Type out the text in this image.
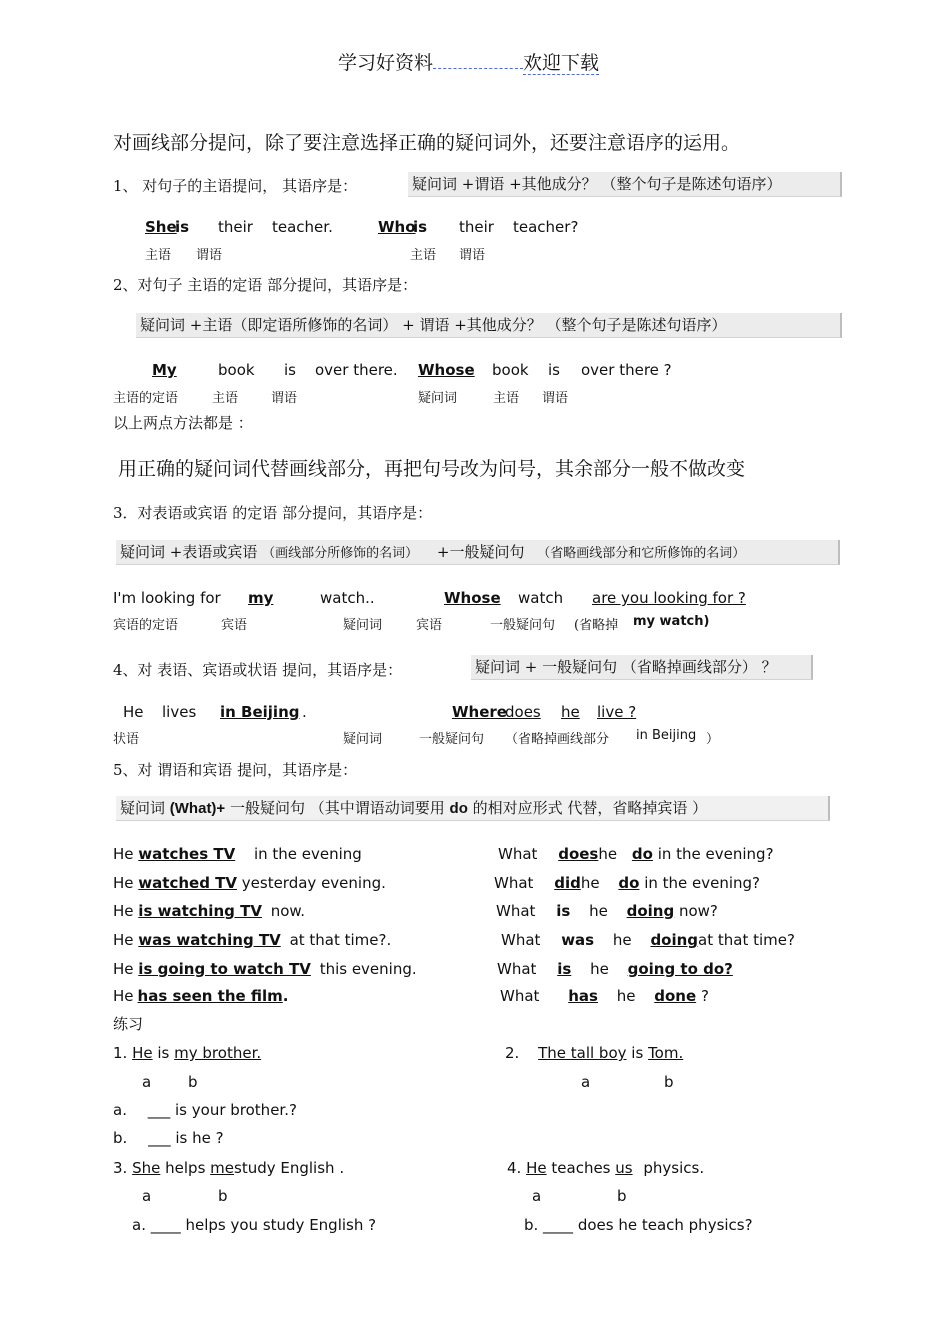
学习好资料	欢迎下载
对画线部分提问，除了要注意选择正确的疑问词外，还要注意语序的运用。
1、 对句子的主语提问， 其语序是：	疑问词 +谓语 +其他成分？ （整个句子是陈述句语序）
She
is their teacher.	Who
is their teacher?
主语 谓语	主语 谓语
2、对句子 主语的定语 部分提问，其语序是：
疑问词 +主语（即定语所修饰的名词） + 谓语 +其他成分？ （整个句子是陈述句语序）
My	book is over there. Whose book is over there ?
主语的定语	主语	谓语	疑问词	主语 谓语
以上两点方法都是 ：
用正确的疑问词代替画线部分，再把句号改为问号，其余部分一般不做改变
3．对表语或宾语 的定语 部分提问，其语序是：
疑问词 +表语或宾语 （画线部分所修饰的名词） +一般疑问句 （省略画线部分和它所修饰的名词）
I'm looking for my	watch..	Whose watch are you looking for ?
宾语的定语	宾语	疑问词	宾语	一般疑问句 (省略掉 my watch)
4、对 表语、宾语或状语 提问，其语序是：	疑问词 + 一般疑问句 （省略掉画线部分） ？
He lives in Beijing .	Where
does he live ?
状语	疑问词	一般疑问句 （省略掉画线部分 in Beijing ）
5、对 谓语和宾语 提问，其语序是：
疑问词 (What)+ 一般疑问句 （其中谓语动词要用 do 的相对应形式 代替，省略掉宾语 ）
He watches TV in the evening	What doeshe do in the evening?
He watched TV yesterday evening.	What didhe do in the evening?
He is watching TV now.	What is he doing now?
He was watching TV at that time?.	What was he doingat that time?
He is going to watch TV this evening.	What is he going to do?
He has seen the film.	What has he done ?
练习
1. He is my brother.
a b
2. The tall boy is Tom.
a	b
a. ___ is your brother.?
b. ___ is he ?
3. She helps mestudy English .
a	b
4. He teaches us physics.
a	b
a. ____ helps you study English ?	b. ____ does he teach physics?
